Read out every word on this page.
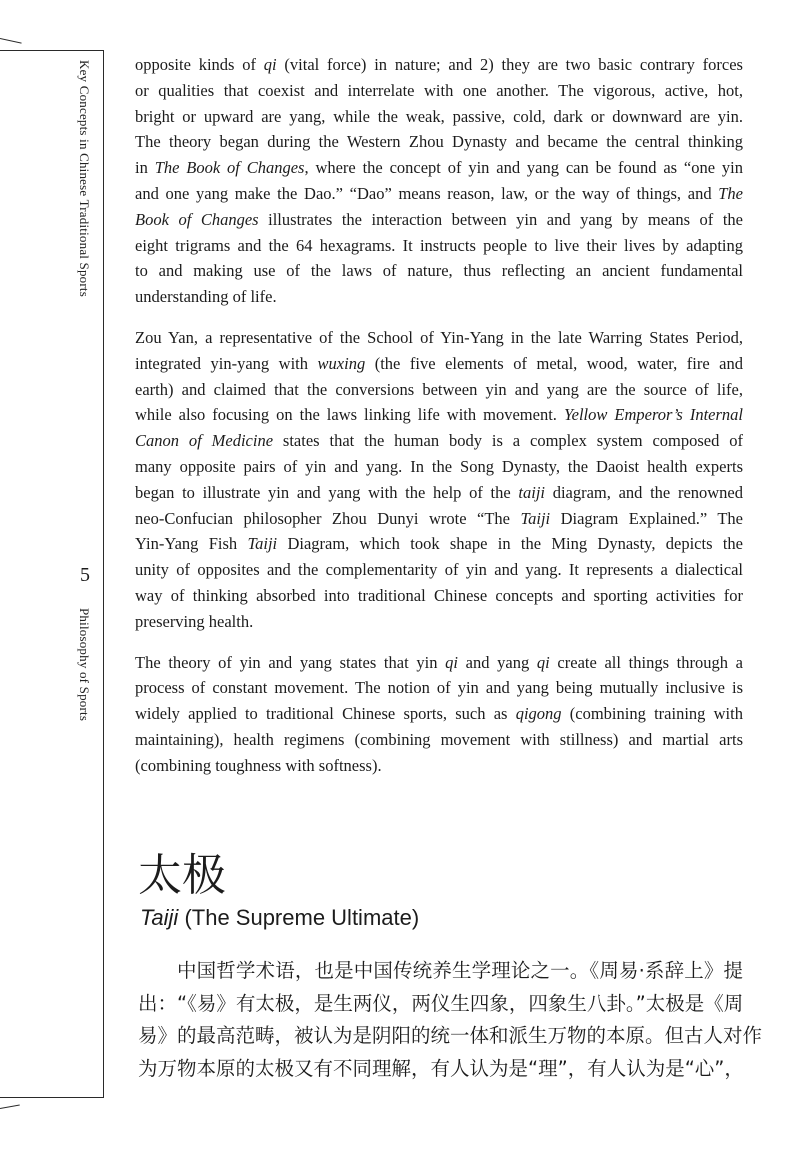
Key Concepts in Chinese Traditional Sports
5
Philosophy of Sports

opposite kinds of qi (vital force) in nature; and 2) they are two basic contrary forces
or qualities that coexist and interrelate with one another. The vigorous, active, hot,
bright or upward are yang, while the weak, passive, cold, dark or downward are yin.
The theory began during the Western Zhou Dynasty and became the central thinking
in The Book of Changes, where the concept of yin and yang can be found as “one yin
and one yang make the Dao.” “Dao” means reason, law, or the way of things, and The
Book of Changes illustrates the interaction between yin and yang by means of the
eight trigrams and the 64 hexagrams. It instructs people to live their lives by adapting
to and making use of the laws of nature, thus reflecting an ancient fundamental
understanding of life.

Zou Yan, a representative of the School of Yin-Yang in the late Warring States Period,
integrated yin-yang with wuxing (the five elements of metal, wood, water, fire and
earth) and claimed that the conversions between yin and yang are the source of life,
while also focusing on the laws linking life with movement. Yellow Emperor’s Internal
Canon of Medicine states that the human body is a complex system composed of
many opposite pairs of yin and yang. In the Song Dynasty, the Daoist health experts
began to illustrate yin and yang with the help of the taiji diagram, and the renowned
neo-Confucian philosopher Zhou Dunyi wrote “The Taiji Diagram Explained.” The
Yin-Yang Fish Taiji Diagram, which took shape in the Ming Dynasty, depicts the
unity of opposites and the complementarity of yin and yang. It represents a dialectical
way of thinking absorbed into traditional Chinese concepts and sporting activities for
preserving health.

The theory of yin and yang states that yin qi and yang qi create all things through a
process of constant movement. The notion of yin and yang being mutually inclusive is
widely applied to traditional Chinese sports, such as qigong (combining training with
maintaining), health regimens (combining movement with stillness) and martial arts
(combining toughness with softness).

太极
Taiji (The Supreme Ultimate)
中国哲学术语，也是中国传统养生学理论之一。《周易·系辞上》提
出：“《易》有太极，是生两仪，两仪生四象，四象生八卦。”太极是《周
易》的最高范畴，被认为是阴阳的统一体和派生万物的本原。但古人对作
为万物本原的太极又有不同理解，有人认为是“理”，有人认为是“心”，
